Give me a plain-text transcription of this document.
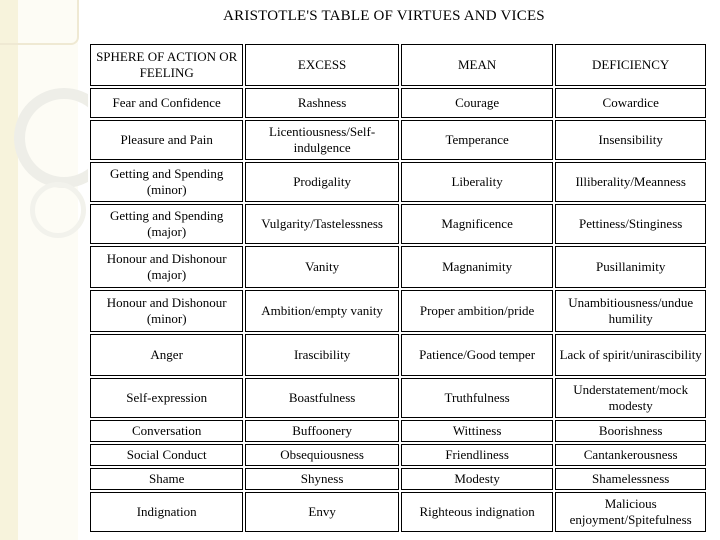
ARISTOTLE'S TABLE OF VIRTUES AND VICES
SPHERE OF ACTION OR FEELING	EXCESS	MEAN	DEFICIENCY
Fear and Confidence	Rashness	Courage	Cowardice
Pleasure and Pain	Licentiousness/Self-indulgence	Temperance	Insensibility
Getting and Spending (minor)	Prodigality	Liberality	Illiberality/Meanness
Getting and Spending (major)	Vulgarity/Tastelessness	Magnificence	Pettiness/Stinginess
Honour and Dishonour (major)	Vanity	Magnanimity	Pusillanimity
Honour and Dishonour (minor)	Ambition/empty vanity	Proper ambition/pride	Unambitiousness/undue humility
Anger	Irascibility	Patience/Good temper	Lack of spirit/unirascibility
Self-expression	Boastfulness	Truthfulness	Understatement/mock modesty
Conversation	Buffoonery	Wittiness	Boorishness
Social Conduct	Obsequiousness	Friendliness	Cantankerousness
Shame	Shyness	Modesty	Shamelessness
Indignation	Envy	Righteous indignation	Malicious enjoyment/Spitefulness
